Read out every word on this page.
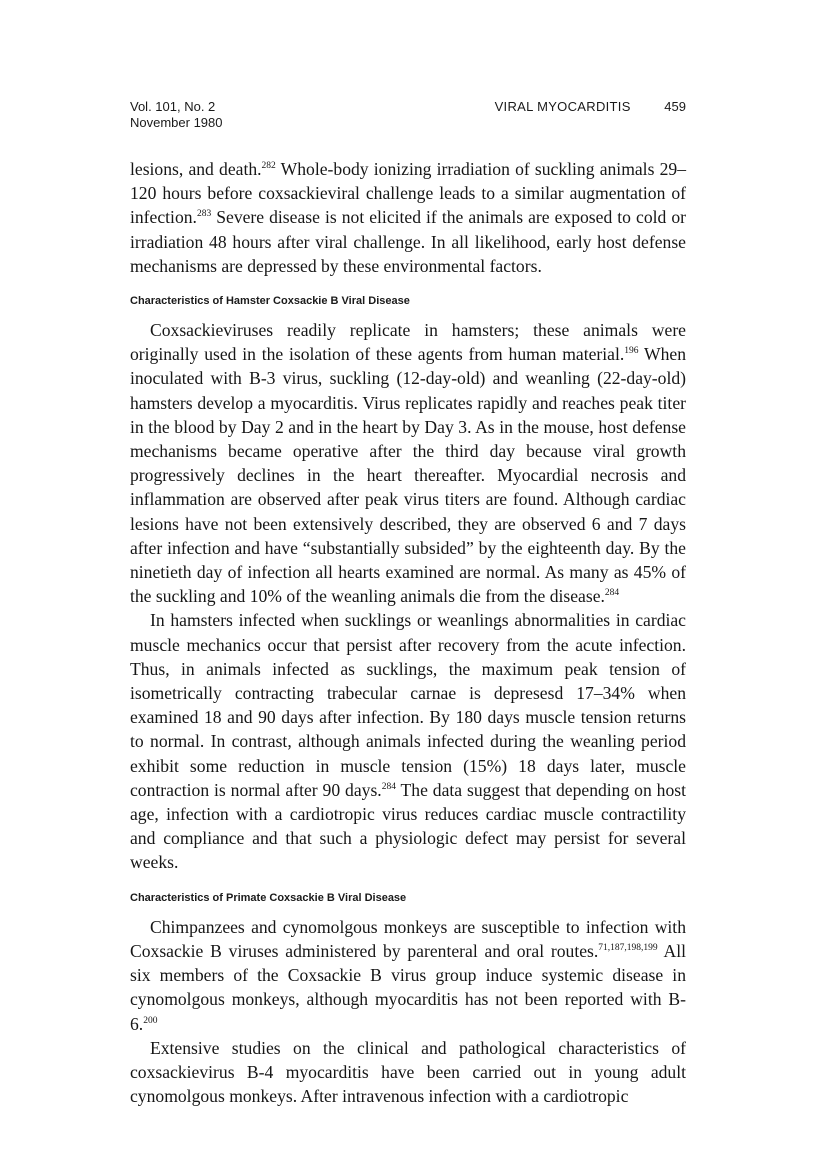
Vol. 101, No. 2
November 1980
VIRAL MYOCARDITIS	459

lesions, and death.$^{282}$ Whole-body ionizing irradiation of suckling animals 29–120 hours before coxsackieviral challenge leads to a similar augmentation of infection.$^{283}$ Severe disease is not elicited if the animals are exposed to cold or irradiation 48 hours after viral challenge. In all likelihood, early host defense mechanisms are depressed by these environmental factors.

Characteristics of Hamster Coxsackie B Viral Disease

Coxsackieviruses readily replicate in hamsters; these animals were originally used in the isolation of these agents from human material.$^{196}$ When inoculated with B-3 virus, suckling (12-day-old) and weanling (22-day-old) hamsters develop a myocarditis. Virus replicates rapidly and reaches peak titer in the blood by Day 2 and in the heart by Day 3. As in the mouse, host defense mechanisms became operative after the third day because viral growth progressively declines in the heart thereafter. Myocardial necrosis and inflammation are observed after peak virus titers are found. Although cardiac lesions have not been extensively described, they are observed 6 and 7 days after infection and have “substantially subsided” by the eighteenth day. By the ninetieth day of infection all hearts examined are normal. As many as 45% of the suckling and 10% of the weanling animals die from the disease.$^{284}$

In hamsters infected when sucklings or weanlings abnormalities in cardiac muscle mechanics occur that persist after recovery from the acute infection. Thus, in animals infected as sucklings, the maximum peak tension of isometrically contracting trabecular carnae is depresesd 17–34% when examined 18 and 90 days after infection. By 180 days muscle tension returns to normal. In contrast, although animals infected during the weanling period exhibit some reduction in muscle tension (15%) 18 days later, muscle contraction is normal after 90 days.$^{284}$ The data suggest that depending on host age, infection with a cardiotropic virus reduces cardiac muscle contractility and compliance and that such a physiologic defect may persist for several weeks.

Characteristics of Primate Coxsackie B Viral Disease

Chimpanzees and cynomolgous monkeys are susceptible to infection with Coxsackie B viruses administered by parenteral and oral routes.$^{71,187,198,199}$ All six members of the Coxsackie B virus group induce systemic disease in cynomolgous monkeys, although myocarditis has not been reported with B-6.$^{200}$

Extensive studies on the clinical and pathological characteristics of coxsackievirus B-4 myocarditis have been carried out in young adult cynomolgous monkeys. After intravenous infection with a cardiotropic
